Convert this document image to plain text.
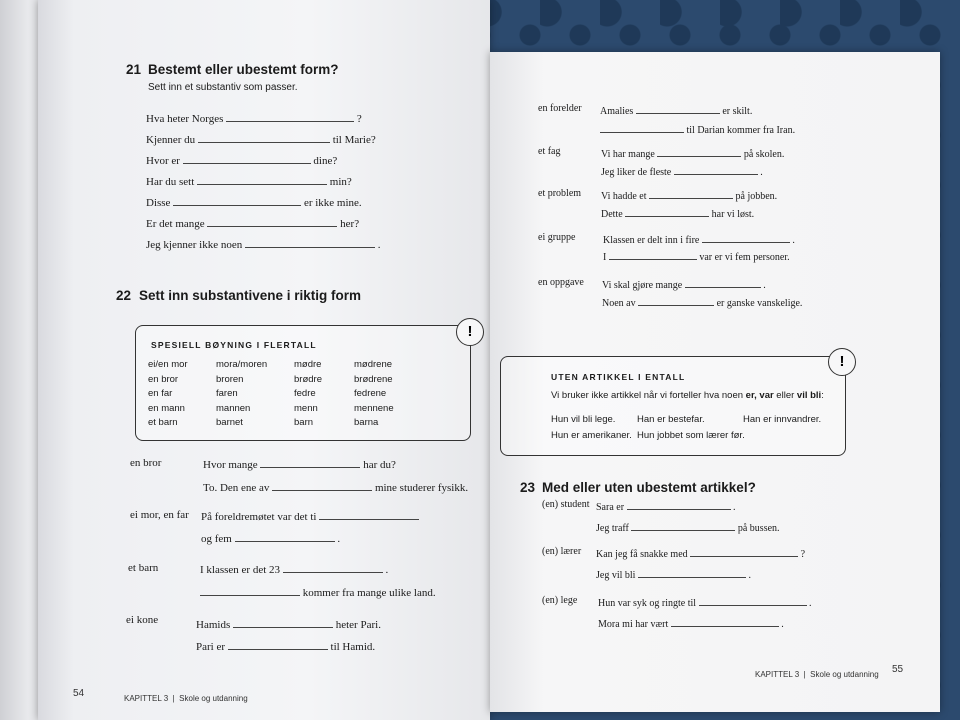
21 Bestemt eller ubestemt form?
Sett inn et substantiv som passer.
Hva heter Norges	?
Kjenner du	til Marie?
Hvor er	dine?
Har du sett	min?
Disse	er ikke mine.
Er det mange	her?
Jeg kjenner ikke noen	.
22 Sett inn substantivene i riktig form
SPESIELL BØYNING I FLERTALL
ei/en mor	mora/moren	mødre	mødrene
en bror	broren	brødre	brødrene
en far	faren	fedre	fedrene
en mann	mannen	menn	mennene
et barn	barnet	barn	barna
!
en bror	Hvor mange	har du?
To. Den ene av	mine studerer fysikk.
ei mor, en far På foreldremøtet var det ti
og fem	.
et barn	I klassen er det 23	.
kommer fra mange ulike land.
ei kone	Hamids	heter Pari.
Pari er	til Hamid.
54	KAPITTEL 3 | Skole og utdanning
en forelder Amalies	er skilt.
til Darian kommer fra Iran.
et fag	Vi har mange	på skolen.
Jeg liker de fleste	.
et problem Vi hadde et	på jobben.
Dette	har vi løst.
ei gruppe	Klassen er delt inn i fire	.
I	var er vi fem personer.
en oppgave Vi skal gjøre mange	.
Noen av	er ganske vanskelige.
UTEN ARTIKKEL I ENTALL
Vi bruker ikke artikkel når vi forteller hva noen er, var eller vil bli:
Hun vil bli lege. Han er bestefar.	Han er innvandrer.
Hun er amerikaner. Hun jobbet som lærer før.
!
23 Med eller uten ubestemt artikkel?
(en) student Sara er	.
Jeg traff	på bussen.
(en) lærer Kan jeg få snakke med	?
Jeg vil bli	.
(en) lege Hun var syk og ringte til	.
Mora mi har vært	.
KAPITTEL 3 | Skole og utdanning 55
